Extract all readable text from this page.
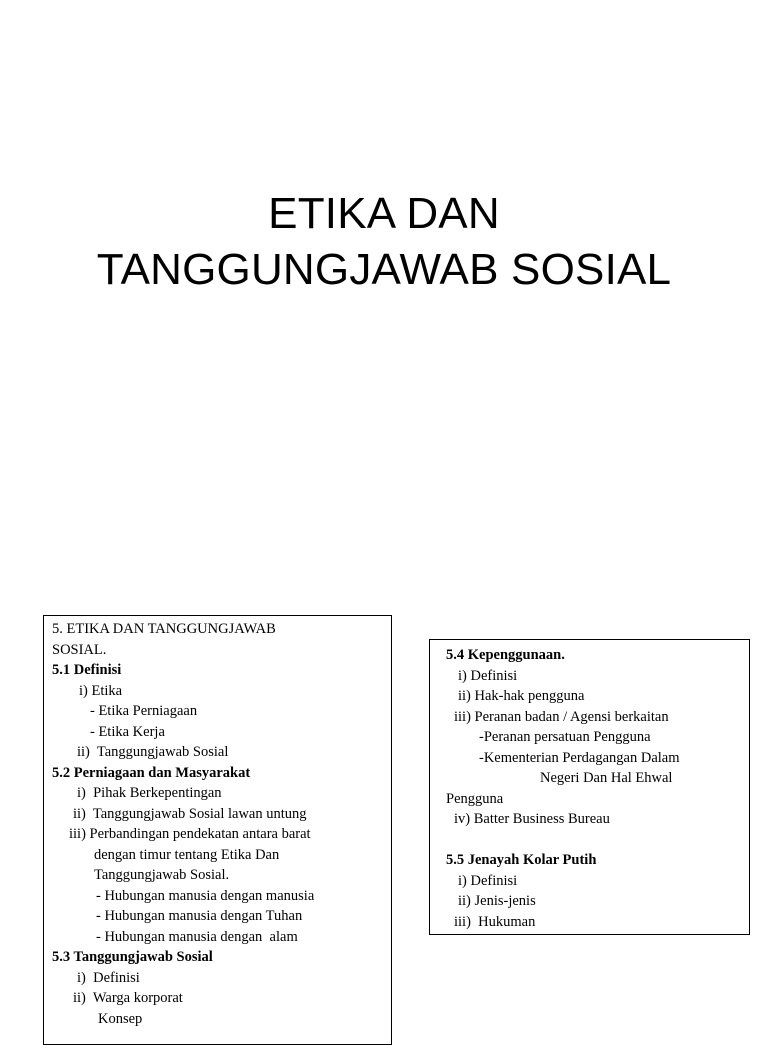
ETIKA DAN
TANGGUNGJAWAB SOSIAL
5. ETIKA DAN TANGGUNGJAWAB
SOSIAL.
5.1 Definisi
i) Etika
- Etika Perniagaan
- Etika Kerja
ii)  Tanggungjawab Sosial
5.2 Perniagaan dan Masyarakat
i)  Pihak Berkepentingan
ii)  Tanggungjawab Sosial lawan untung
iii) Perbandingan pendekatan antara barat
dengan timur tentang Etika Dan
Tanggungjawab Sosial.
- Hubungan manusia dengan manusia
- Hubungan manusia dengan Tuhan
- Hubungan manusia dengan  alam
5.3 Tanggungjawab Sosial
i)  Definisi
ii)  Warga korporat
Konsep
5.4 Kepenggunaan.
i) Definisi
ii) Hak-hak pengguna
iii) Peranan badan / Agensi berkaitan
-Peranan persatuan Pengguna
-Kementerian Perdagangan Dalam
Negeri Dan Hal Ehwal
Pengguna
iv) Batter Business Bureau
5.5 Jenayah Kolar Putih
i) Definisi
ii) Jenis-jenis
iii)  Hukuman
